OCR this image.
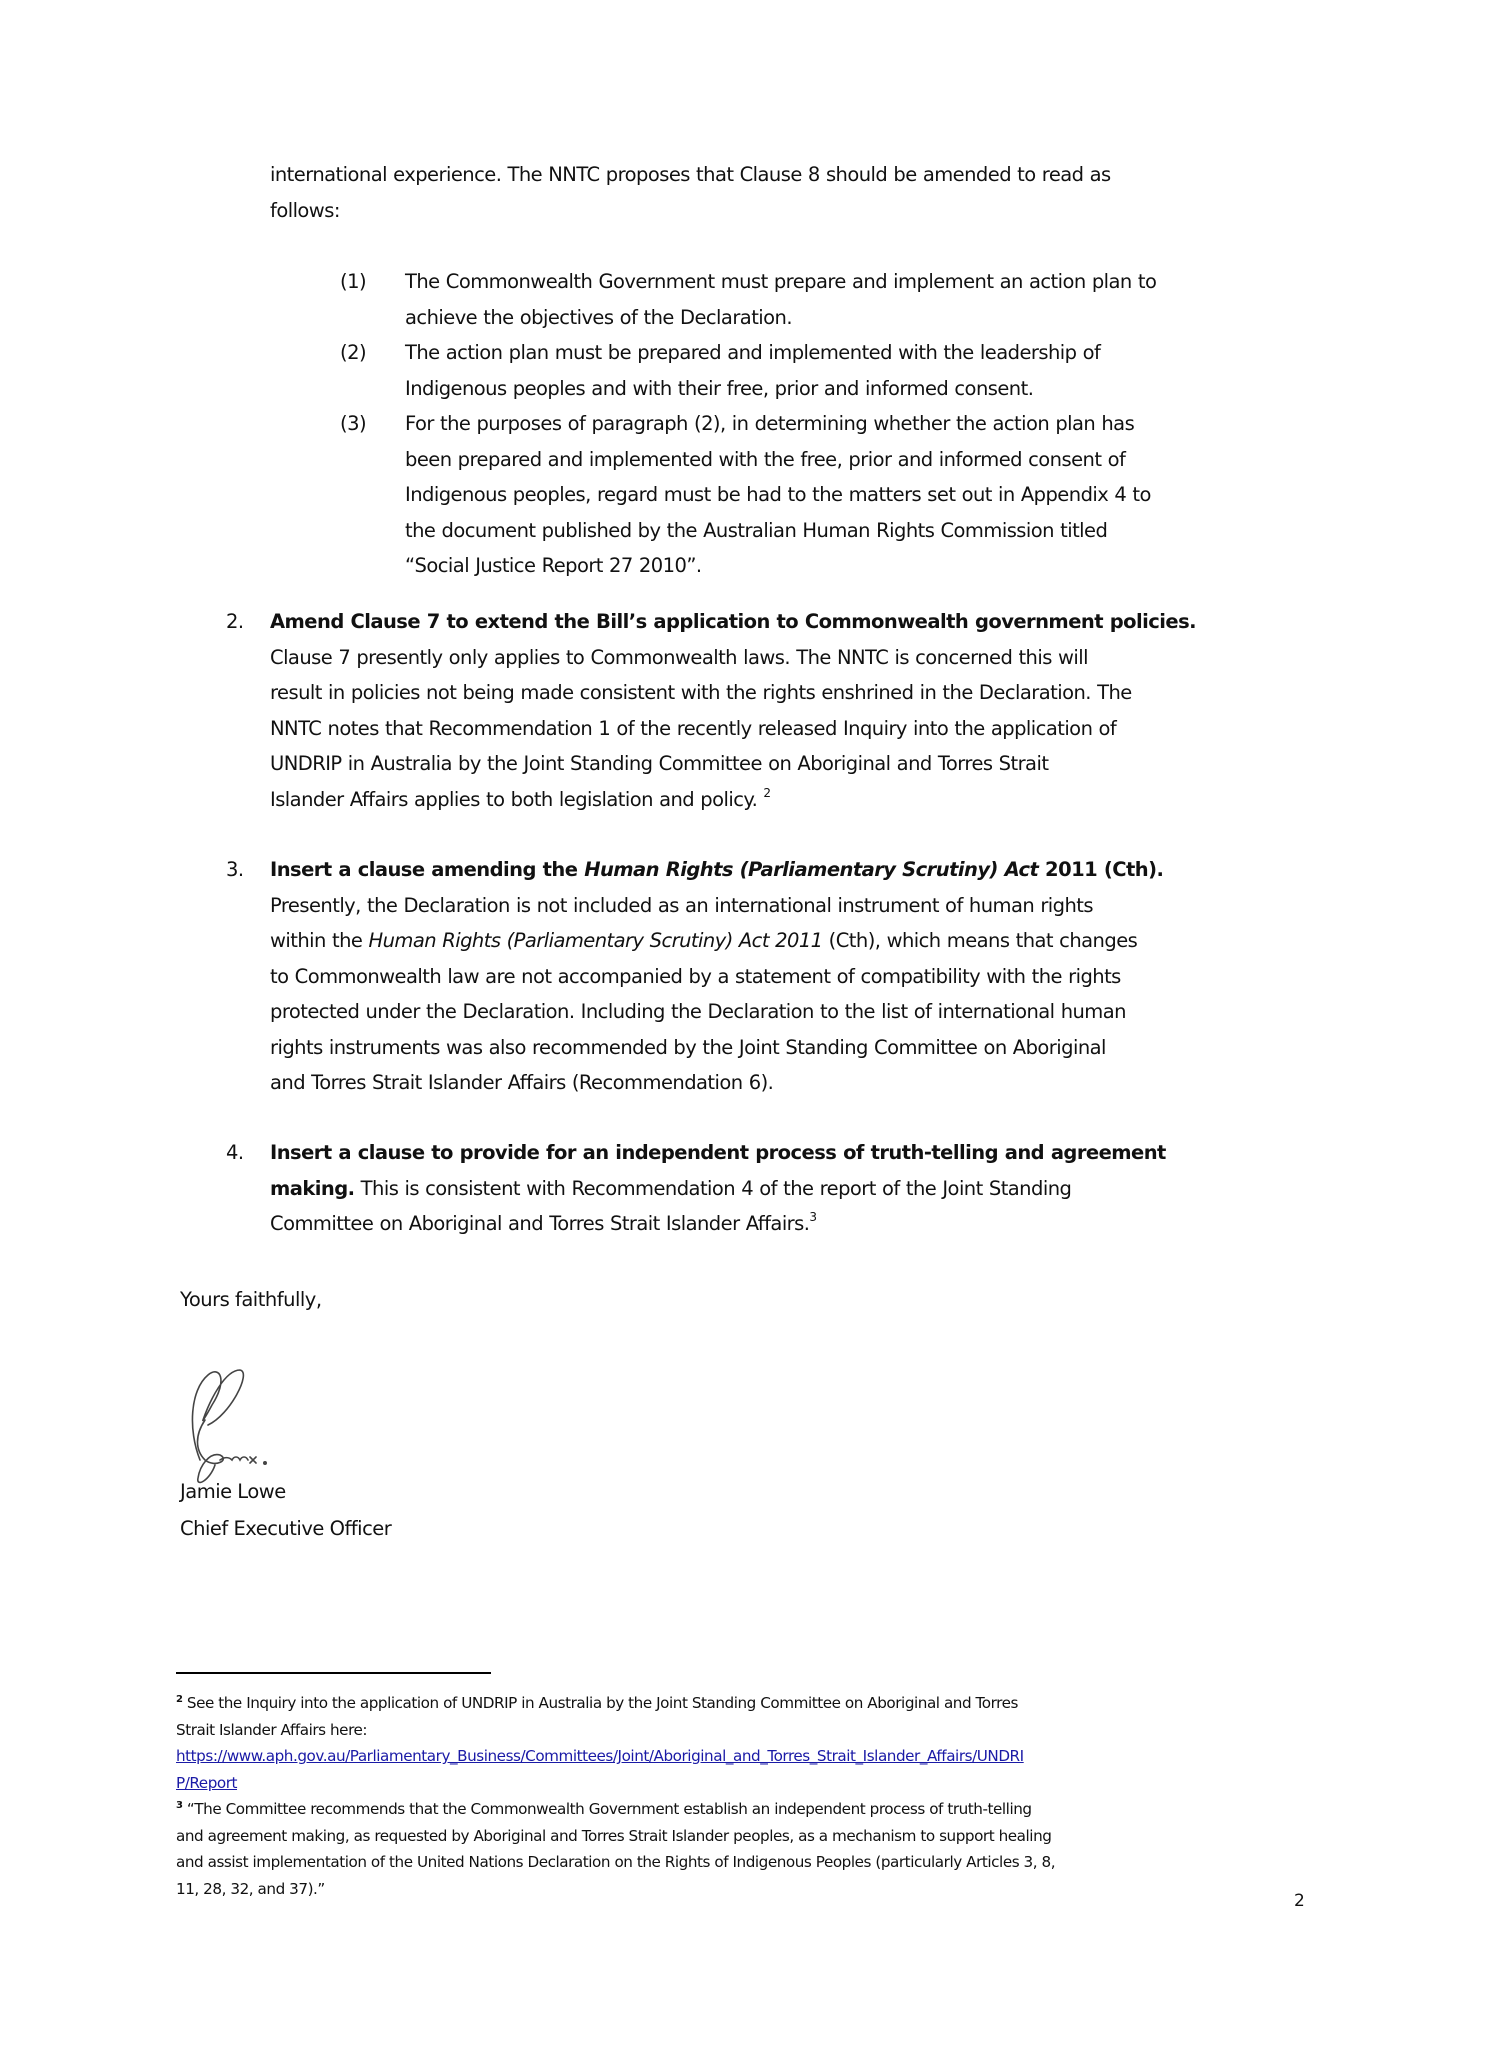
international experience. The NNTC proposes that Clause 8 should be amended to read as
follows:
(1) The Commonwealth Government must prepare and implement an action plan to
achieve the objectives of the Declaration.
(2) The action plan must be prepared and implemented with the leadership of
Indigenous peoples and with their free, prior and informed consent.
(3) For the purposes of paragraph (2), in determining whether the action plan has
been prepared and implemented with the free, prior and informed consent of
Indigenous peoples, regard must be had to the matters set out in Appendix 4 to
the document published by the Australian Human Rights Commission titled
“Social Justice Report 27 2010”.
2. Amend Clause 7 to extend the Bill’s application to Commonwealth government policies.
Clause 7 presently only applies to Commonwealth laws. The NNTC is concerned this will
result in policies not being made consistent with the rights enshrined in the Declaration. The
NNTC notes that Recommendation 1 of the recently released Inquiry into the application of
UNDRIP in Australia by the Joint Standing Committee on Aboriginal and Torres Strait
Islander Affairs applies to both legislation and policy. $^2$
3. Insert a clause amending the Human Rights (Parliamentary Scrutiny) Act 2011 (Cth).
Presently, the Declaration is not included as an international instrument of human rights
within the Human Rights (Parliamentary Scrutiny) Act 2011 (Cth), which means that changes
to Commonwealth law are not accompanied by a statement of compatibility with the rights
protected under the Declaration. Including the Declaration to the list of international human
rights instruments was also recommended by the Joint Standing Committee on Aboriginal
and Torres Strait Islander Affairs (Recommendation 6).
4. Insert a clause to provide for an independent process of truth-telling and agreement
making. This is consistent with Recommendation 4 of the report of the Joint Standing
Committee on Aboriginal and Torres Strait Islander Affairs.$^3$
Yours faithfully,
Jamie Lowe
Chief Executive Officer
$^2$ See the Inquiry into the application of UNDRIP in Australia by the Joint Standing Committee on Aboriginal and Torres
Strait Islander Affairs here:
https://www.aph.gov.au/Parliamentary_Business/Committees/Joint/Aboriginal_and_Torres_Strait_Islander_Affairs/UNDRI
P/Report
$^3$ “The Committee recommends that the Commonwealth Government establish an independent process of truth-telling
and agreement making, as requested by Aboriginal and Torres Strait Islander peoples, as a mechanism to support healing
and assist implementation of the United Nations Declaration on the Rights of Indigenous Peoples (particularly Articles 3, 8,
11, 28, 32, and 37).”
2
